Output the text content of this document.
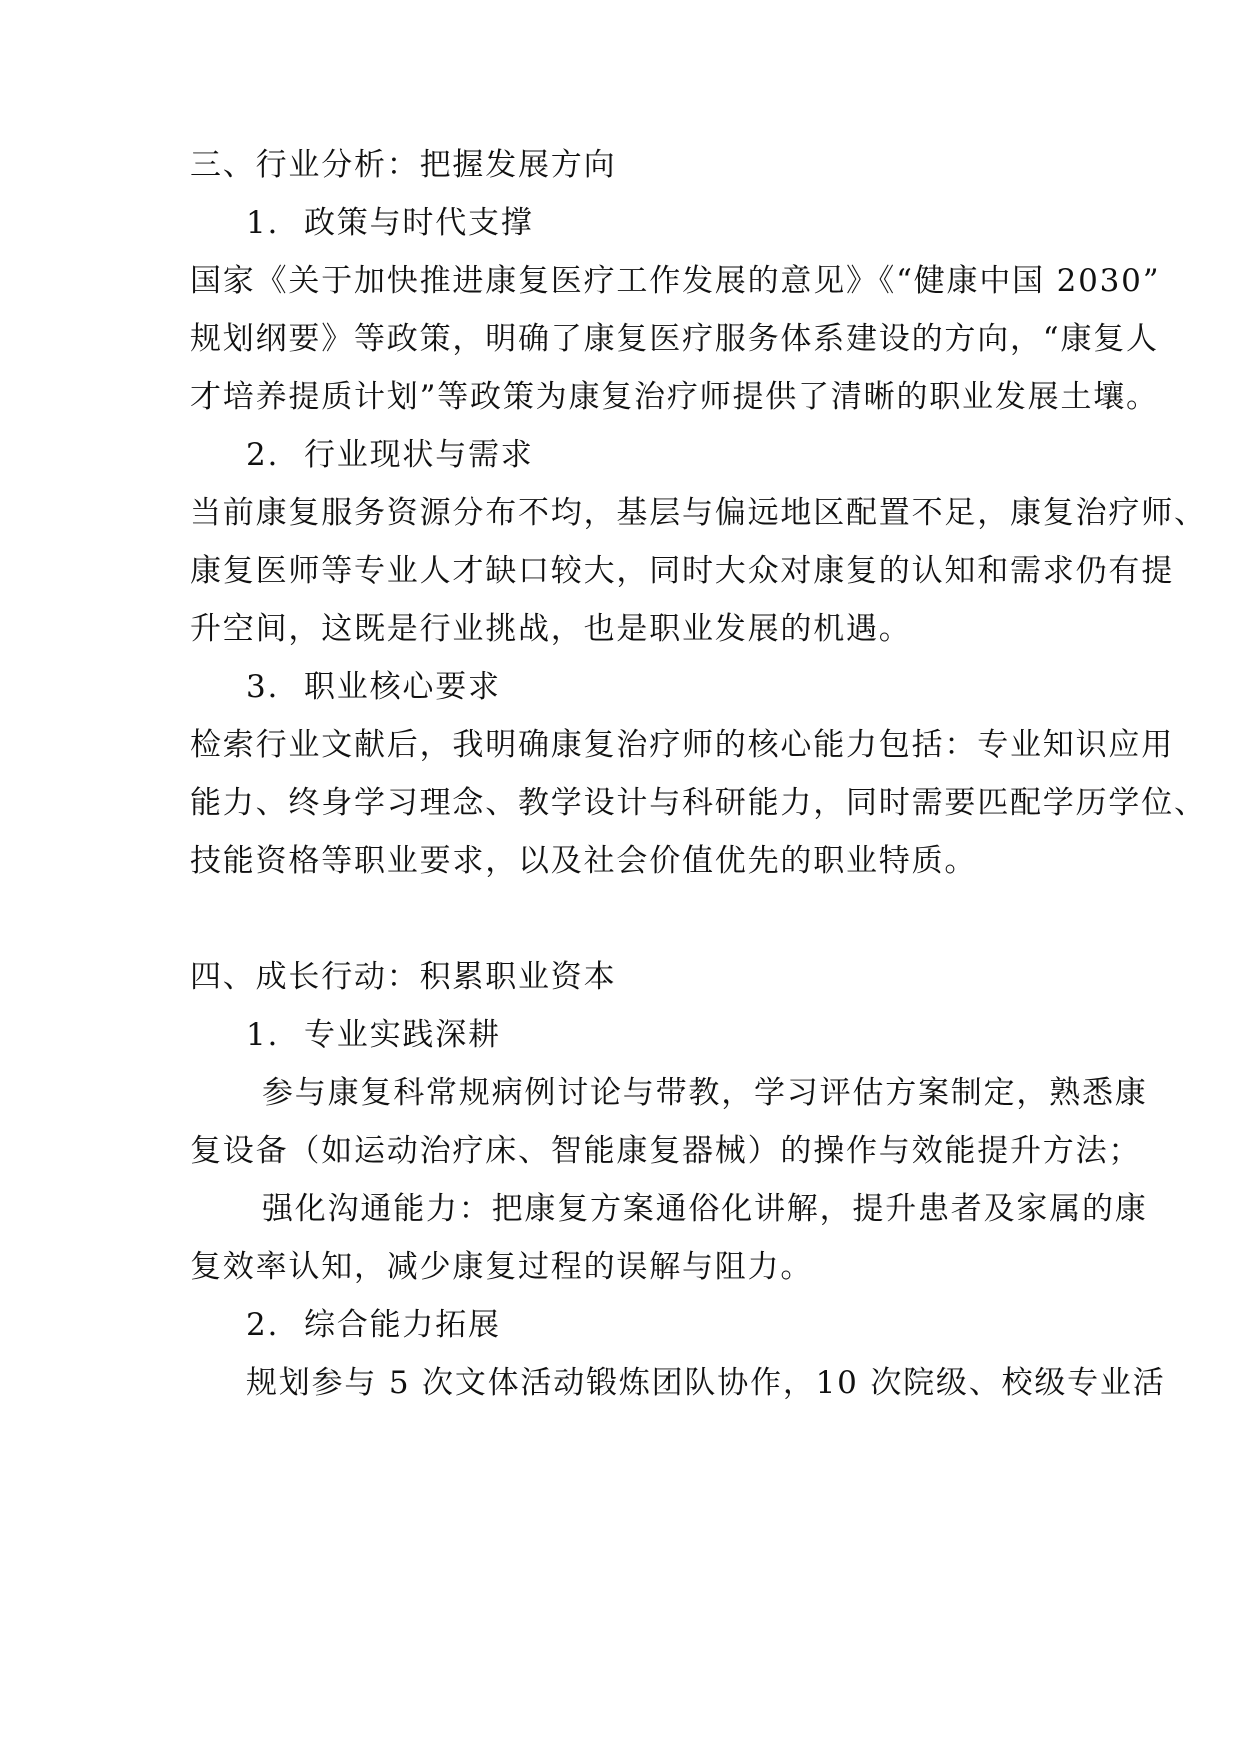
三、行业分析：把握发展方向
1. 政策与时代支撑
国家《关于加快推进康复医疗工作发展的意见》《“健康中国 2030”
规划纲要》等政策，明确了康复医疗服务体系建设的方向，“康复人
才培养提质计划”等政策为康复治疗师提供了清晰的职业发展土壤。
2. 行业现状与需求
当前康复服务资源分布不均，基层与偏远地区配置不足，康复治疗师、
康复医师等专业人才缺口较大，同时大众对康复的认知和需求仍有提
升空间，这既是行业挑战，也是职业发展的机遇。
3. 职业核心要求
检索行业文献后，我明确康复治疗师的核心能力包括：专业知识应用
能力、终身学习理念、教学设计与科研能力，同时需要匹配学历学位、
技能资格等职业要求，以及社会价值优先的职业特质。
四、成长行动：积累职业资本
1. 专业实践深耕
参与康复科常规病例讨论与带教，学习评估方案制定，熟悉康
复设备（如运动治疗床、智能康复器械）的操作与效能提升方法；
强化沟通能力：把康复方案通俗化讲解，提升患者及家属的康
复效率认知，减少康复过程的误解与阻力。
2. 综合能力拓展
规划参与 5 次文体活动锻炼团队协作，10 次院级、校级专业活
